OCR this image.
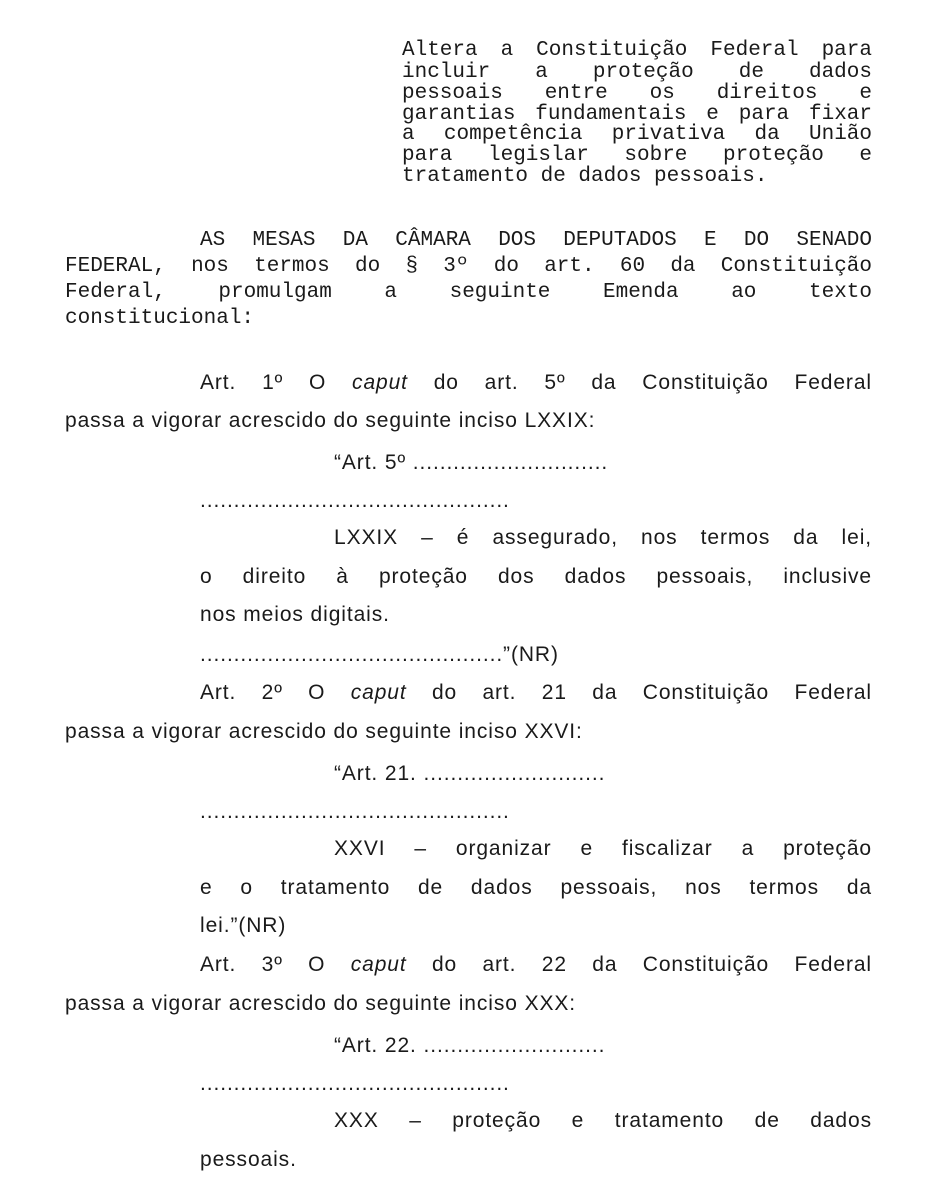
Altera a Constituição Federal para
incluir a proteção de dados
pessoais entre os direitos e
garantias fundamentais e para fixar
a competência privativa da União
para legislar sobre proteção e
tratamento de dados pessoais.
AS MESAS DA CÂMARA DOS DEPUTADOS E DO SENADO
FEDERAL, nos termos do § 3º do art. 60 da Constituição
Federal, promulgam a seguinte Emenda ao texto
constitucional:
Art. 1º O caput do art. 5º da Constituição Federal
passa a vigorar acrescido do seguinte inciso LXXIX:
“Art. 5º .............................
..............................................
LXXIX – é assegurado, nos termos da lei,
o direito à proteção dos dados pessoais, inclusive
nos meios digitais.
.............................................”(NR)
Art. 2º O caput do art. 21 da Constituição Federal
passa a vigorar acrescido do seguinte inciso XXVI:
“Art. 21. ...........................
..............................................
XXVI – organizar e fiscalizar a proteção
e o tratamento de dados pessoais, nos termos da
lei.”(NR)
Art. 3º O caput do art. 22 da Constituição Federal
passa a vigorar acrescido do seguinte inciso XXX:
“Art. 22. ...........................
..............................................
XXX – proteção e tratamento de dados
pessoais.
